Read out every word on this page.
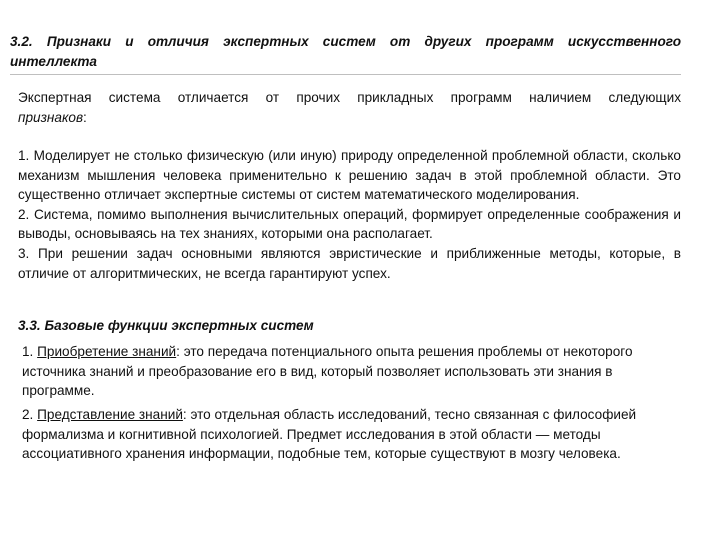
3.2. Признаки и отличия экспертных систем от других программ искусственного
интеллекта

Экспертная система отличается от прочих прикладных программ наличием следующих

признаков:

1. Моделирует не столько физическую (или иную) природу определенной проблемной области, сколько механизм мышления человека применительно к решению задач в этой проблемной области. Это существенно отличает экспертные системы от систем математического моделирования.

2. Система, помимо выполнения вычислительных операций, формирует определенные соображения и выводы, основываясь на тех знаниях, которыми она располагает.

3. При решении задач основными являются эвристические и приближенные методы, которые, в отличие от алгоритмических, не всегда гарантируют успех.

3.3. Базовые функции экспертных систем

1. Приобретение знаний: это передача потенциального опыта решения проблемы от некоторого источника знаний и преобразование его в вид, который позволяет использовать эти знания в программе.

2. Представление знаний: это отдельная область исследований, тесно связанная с философией формализма и когнитивной психологией. Предмет исследования в этой области — методы ассоциативного хранения информации, подобные тем, которые существуют в мозгу человека.
